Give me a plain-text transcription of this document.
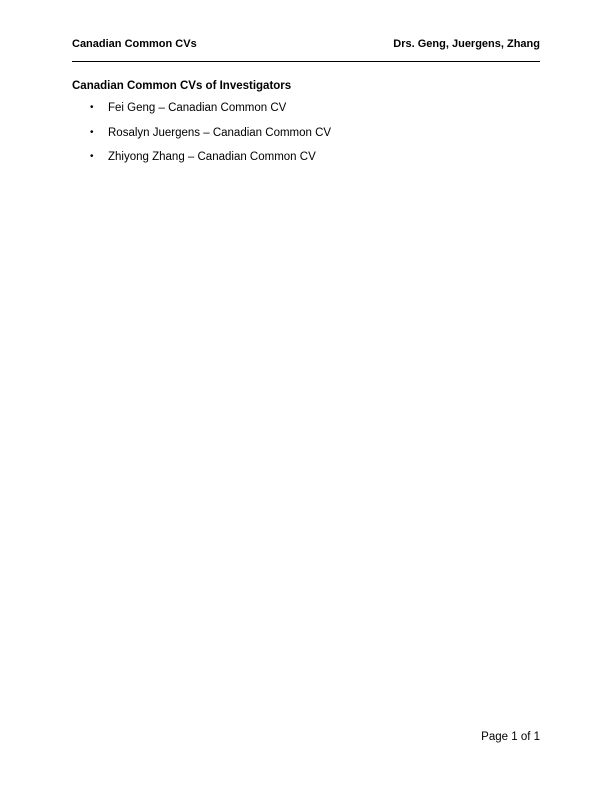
Canadian Common CVs	Drs. Geng, Juergens, Zhang
Canadian Common CVs of Investigators
• Fei Geng – Canadian Common CV
• Rosalyn Juergens – Canadian Common CV
• Zhiyong Zhang – Canadian Common CV
Page 1 of 1
